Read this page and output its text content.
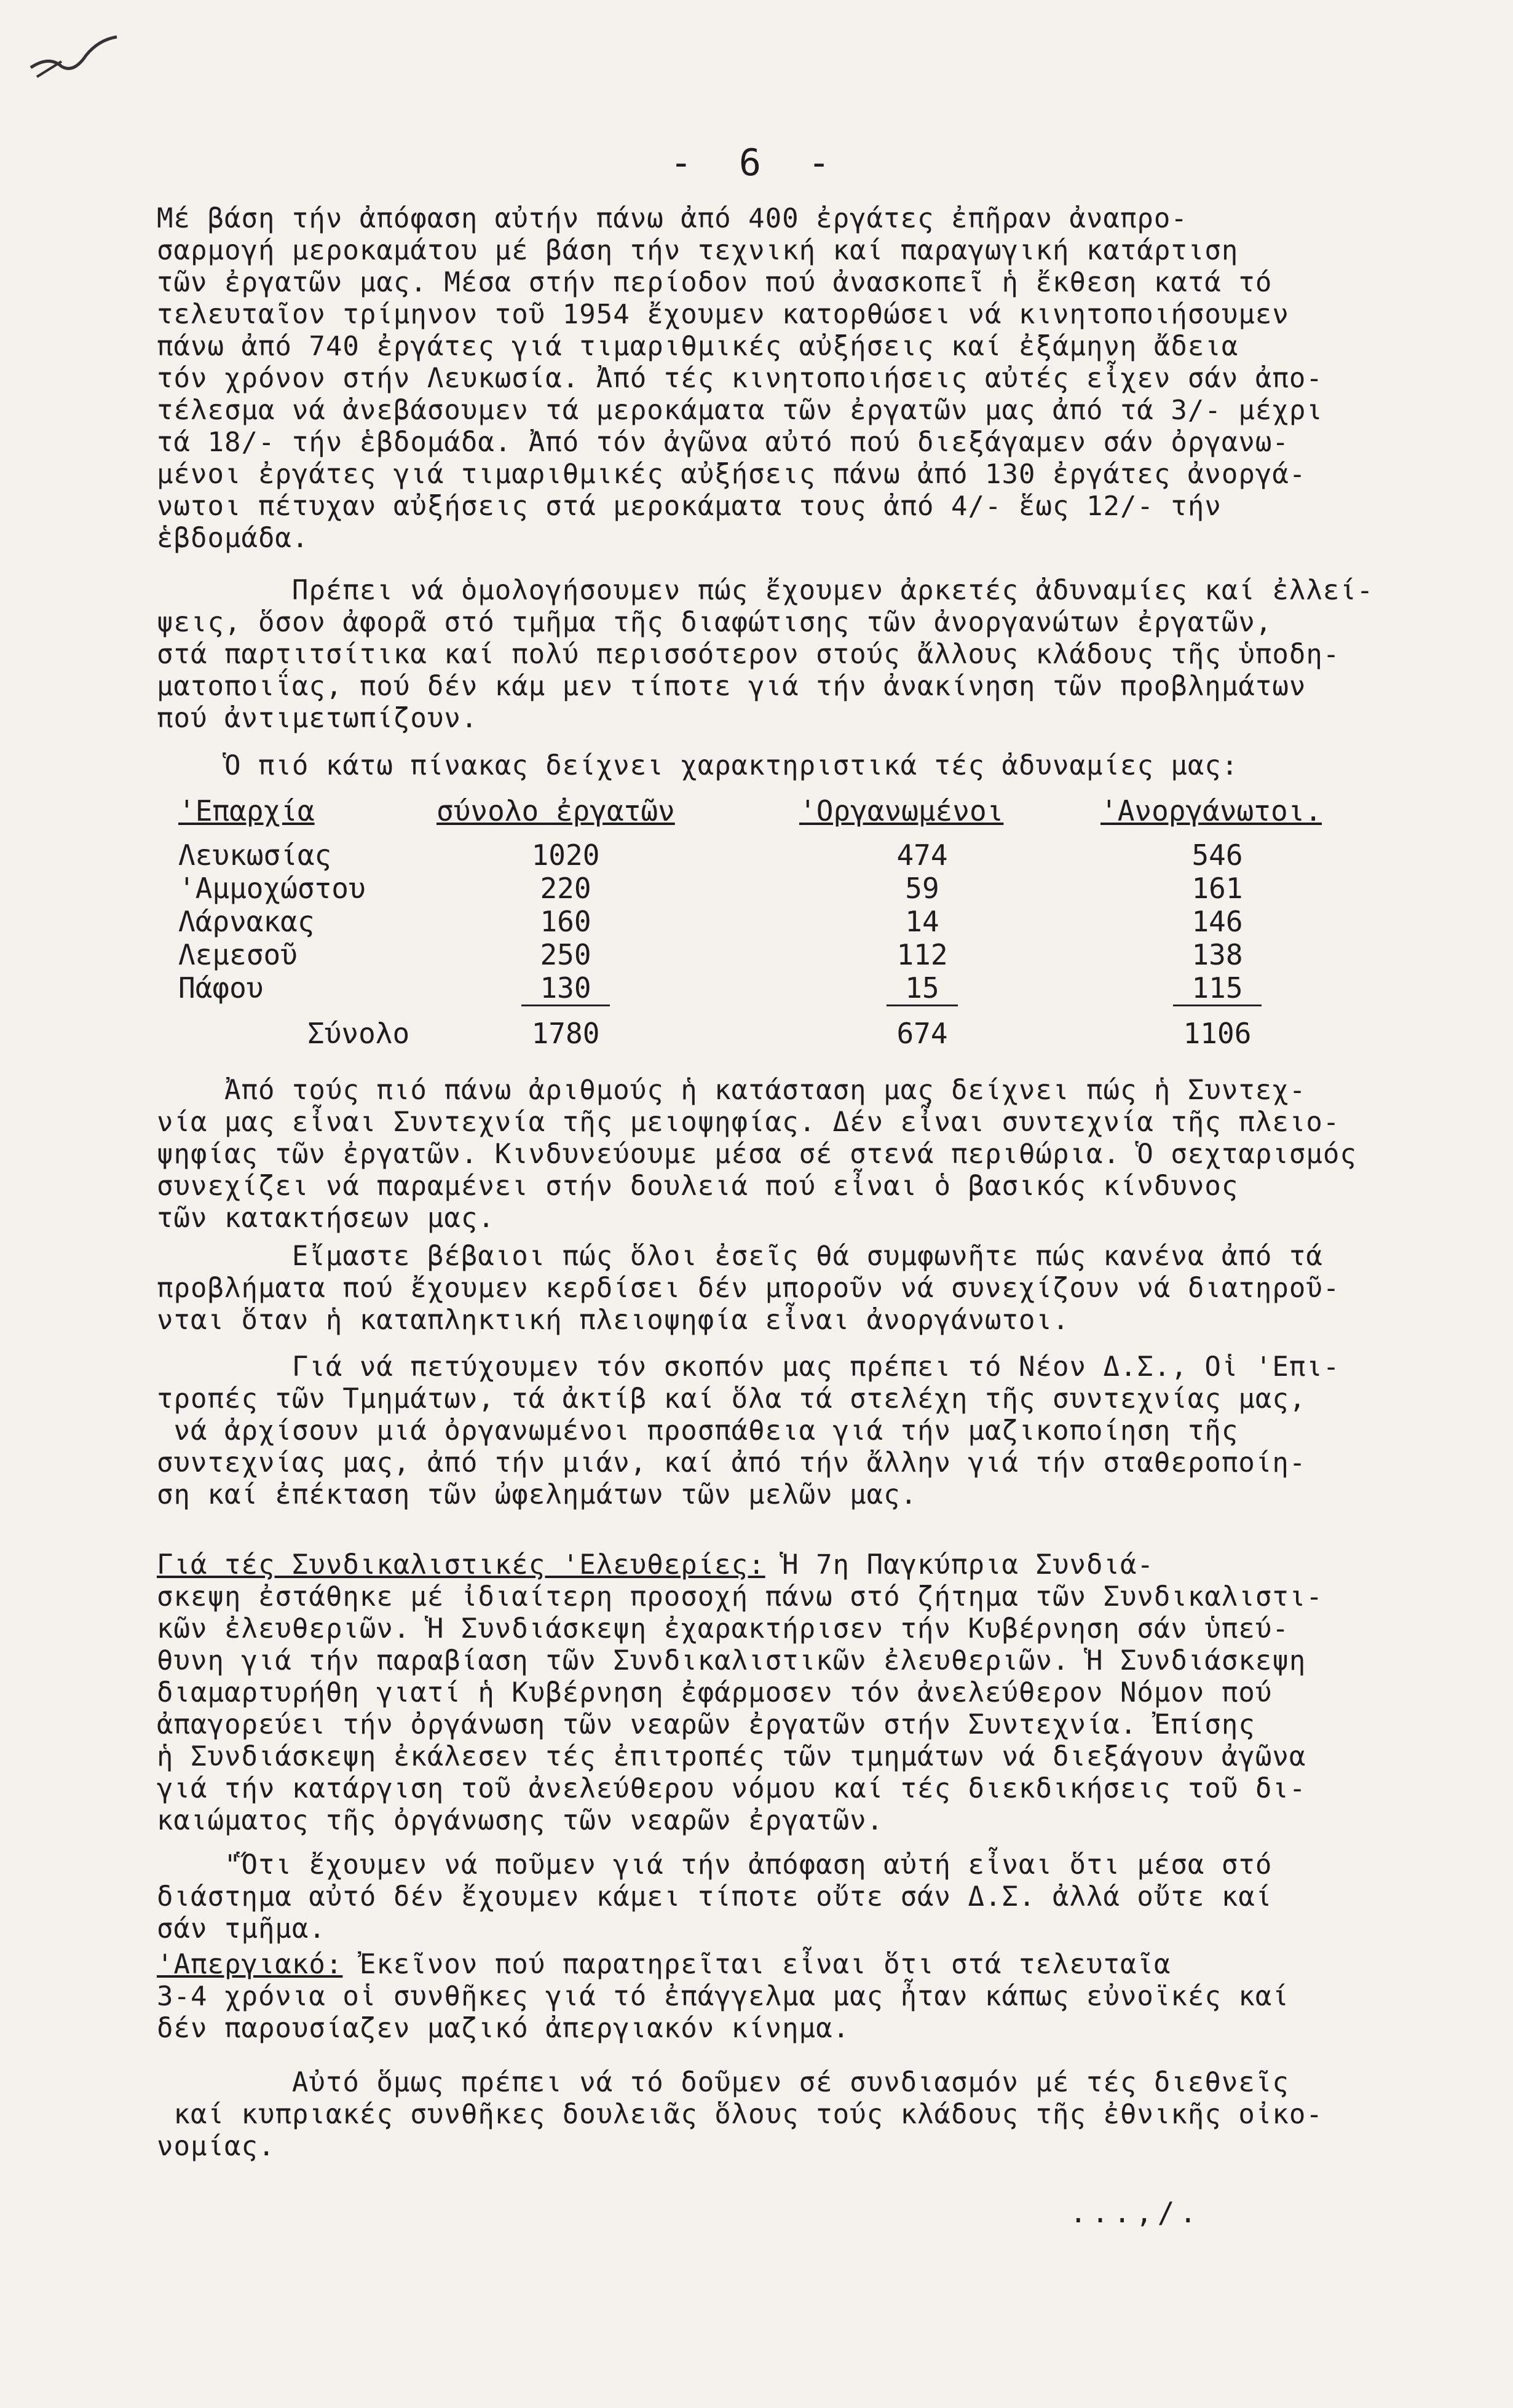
- 6 -
Μέ βάση τήν ἀπόφαση αὐτήν πάνω ἀπό 400 ἐργάτες ἐπῆραν ἀναπρο-
σαρμογή μεροκαμάτου μέ βάση τήν τεχνική καί παραγωγική κατάρτιση
τῶν ἐργατῶν μας. Μέσα στήν περίοδον πού ἀνασκοπεῖ ἡ ἔκθεση κατά τό
τελευταῖον τρίμηνον τοῦ 1954 ἔχουμεν κατορθώσει νά κινητοποιήσουμεν
πάνω ἀπό 740 ἐργάτες γιά τιμαριθμικές αὐξήσεις καί ἐξάμηνη ἄδεια
τόν χρόνον στήν Λευκωσία. Ἀπό τές κινητοποιήσεις αὐτές εἶχεν σάν ἀπο-
τέλεσμα νά ἀνεβάσουμεν τά μεροκάματα τῶν ἐργατῶν μας ἀπό τά 3/- μέχρι
τά 18/- τήν ἑβδομάδα. Ἀπό τόν ἀγῶνα αὐτό πού διεξάγαμεν σάν ὀργανω-
μένοι ἐργάτες γιά τιμαριθμικές αὐξήσεις πάνω ἀπό 130 ἐργάτες ἀνοργά-
νωτοι πέτυχαν αὐξήσεις στά μεροκάματα τους ἀπό 4/- ἕως 12/- τήν
ἑβδομάδα.
Πρέπει νά ὁμολογήσουμεν πώς ἔχουμεν ἀρκετές ἀδυναμίες καί ἐλλεί-
ψεις, ὅσον ἀφορᾶ στό τμῆμα τῆς διαφώτισης τῶν ἀνοργανώτων ἐργατῶν,
στά παρτιτσίτικα καί πολύ περισσότερον στούς ἄλλους κλάδους τῆς ὑποδη-
ματοποιΐας, πού δέν κάμ μεν τίποτε γιά τήν ἀνακίνηση τῶν προβλημάτων
πού ἀντιμετωπίζουν.
Ὁ πιό κάτω πίνακας δείχνει χαρακτηριστικά τές ἀδυναμίες μας:
'Επαρχία	σύνολο ἐργατῶν	'Οργανωμένοι	'Ανοργάνωτοι.
Λευκωσίας	1020	474	546
'Αμμοχώστου	220	59	161
Λάρνακας	160	14	146
Λεμεσοῦ	250	112	138
Πάφου	130	15	115
Σύνολο	1780	674	1106
Ἀπό τούς πιό πάνω ἀριθμούς ἡ κατάσταση μας δείχνει πώς ἡ Συντεχ-
νία μας εἶναι Συντεχνία τῆς μειοψηφίας. Δέν εἶναι συντεχνία τῆς πλειο-
ψηφίας τῶν ἐργατῶν. Κινδυνεύουμε μέσα σέ στενά περιθώρια. Ὁ σεχταρισμός
συνεχίζει νά παραμένει στήν δουλειά πού εἶναι ὁ βασικός κίνδυνος
τῶν κατακτήσεων μας.
Εἴμαστε βέβαιοι πώς ὅλοι ἐσεῖς θά συμφωνῆτε πώς κανένα ἀπό τά
προβλήματα πού ἔχουμεν κερδίσει δέν μποροῦν νά συνεχίζουν νά διατηροῦ-
νται ὅταν ἡ καταπληκτική πλειοψηφία εἶναι ἀνοργάνωτοι.
Γιά νά πετύχουμεν τόν σκοπόν μας πρέπει τό Νέον Δ.Σ., Οἱ 'Επι-
τροπές τῶν Τμημάτων, τά ἀκτίβ καί ὅλα τά στελέχη τῆς συντεχνίας μας,
νά ἀρχίσουν μιά ὀργανωμένοι προσπάθεια γιά τήν μαζικοποίηση τῆς
συντεχνίας μας, ἀπό τήν μιάν, καί ἀπό τήν ἄλλην γιά τήν σταθεροποίη-
ση καί ἐπέκταση τῶν ὠφελημάτων τῶν μελῶν μας.
Γιά τές Συνδικαλιστικές 'Ελευθερίες: Ἡ 7η Παγκύπρια Συνδιά-
σκεψη ἐστάθηκε μέ ἰδιαίτερη προσοχή πάνω στό ζήτημα τῶν Συνδικαλιστι-
κῶν ἐλευθεριῶν. Ἡ Συνδιάσκεψη ἐχαρακτήρισεν τήν Κυβέρνηση σάν ὑπεύ-
θυνη γιά τήν παραβίαση τῶν Συνδικαλιστικῶν ἐλευθεριῶν. Ἡ Συνδιάσκεψη
διαμαρτυρήθη γιατί ἡ Κυβέρνηση ἐφάρμοσεν τόν ἀνελεύθερον Νόμον πού
ἀπαγορεύει τήν ὀργάνωση τῶν νεαρῶν ἐργατῶν στήν Συντεχνία. Ἐπίσης
ἡ Συνδιάσκεψη ἐκάλεσεν τές ἐπιτροπές τῶν τμημάτων νά διεξάγουν ἀγῶνα
γιά τήν κατάργιση τοῦ ἀνελεύθερου νόμου καί τές διεκδικήσεις τοῦ δι-
καιώματος τῆς ὀργάνωσης τῶν νεαρῶν ἐργατῶν.
"Ὅτι ἔχουμεν νά ποῦμεν γιά τήν ἀπόφαση αὐτή εἶναι ὅτι μέσα στό
διάστημα αὐτό δέν ἔχουμεν κάμει τίποτε οὔτε σάν Δ.Σ. ἀλλά οὔτε καί
σάν τμῆμα.
'Απεργιακό: Ἐκεῖνον πού παρατηρεῖται εἶναι ὅτι στά τελευταῖα
3-4 χρόνια οἱ συνθῆκες γιά τό ἐπάγγελμα μας ἦταν κάπως εὐνοϊκές καί
δέν παρουσίαζεν μαζικό ἀπεργιακόν κίνημα.
Αὐτό ὅμως πρέπει νά τό δοῦμεν σέ συνδιασμόν μέ τές διεθνεῖς
καί κυπριακές συνθῆκες δουλειᾶς ὅλους τούς κλάδους τῆς ἐθνικῆς οἰκο-
νομίας.
...,/.
